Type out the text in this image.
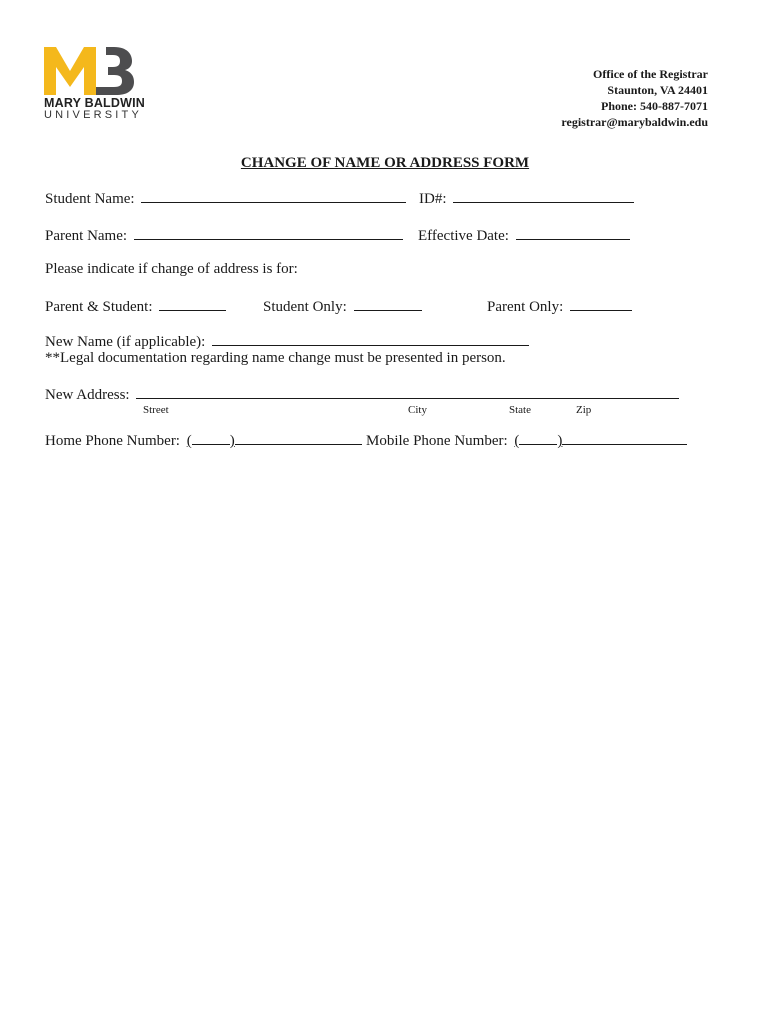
MARY BALDWIN
UNIVERSITY
Office of the Registrar
Staunton, VA 24401
Phone: 540-887-7071
registrar@marybaldwin.edu
CHANGE OF NAME OR ADDRESS FORM
Student Name:	ID#:
Parent Name:	Effective Date:
Please indicate if change of address is for:
Parent & Student:	Student Only:	Parent Only:
New Name (if applicable):
**Legal documentation regarding name change must be presented in person.
New Address:
Street	City	State	Zip
Home Phone Number: (	)	Mobile Phone Number: (	)
